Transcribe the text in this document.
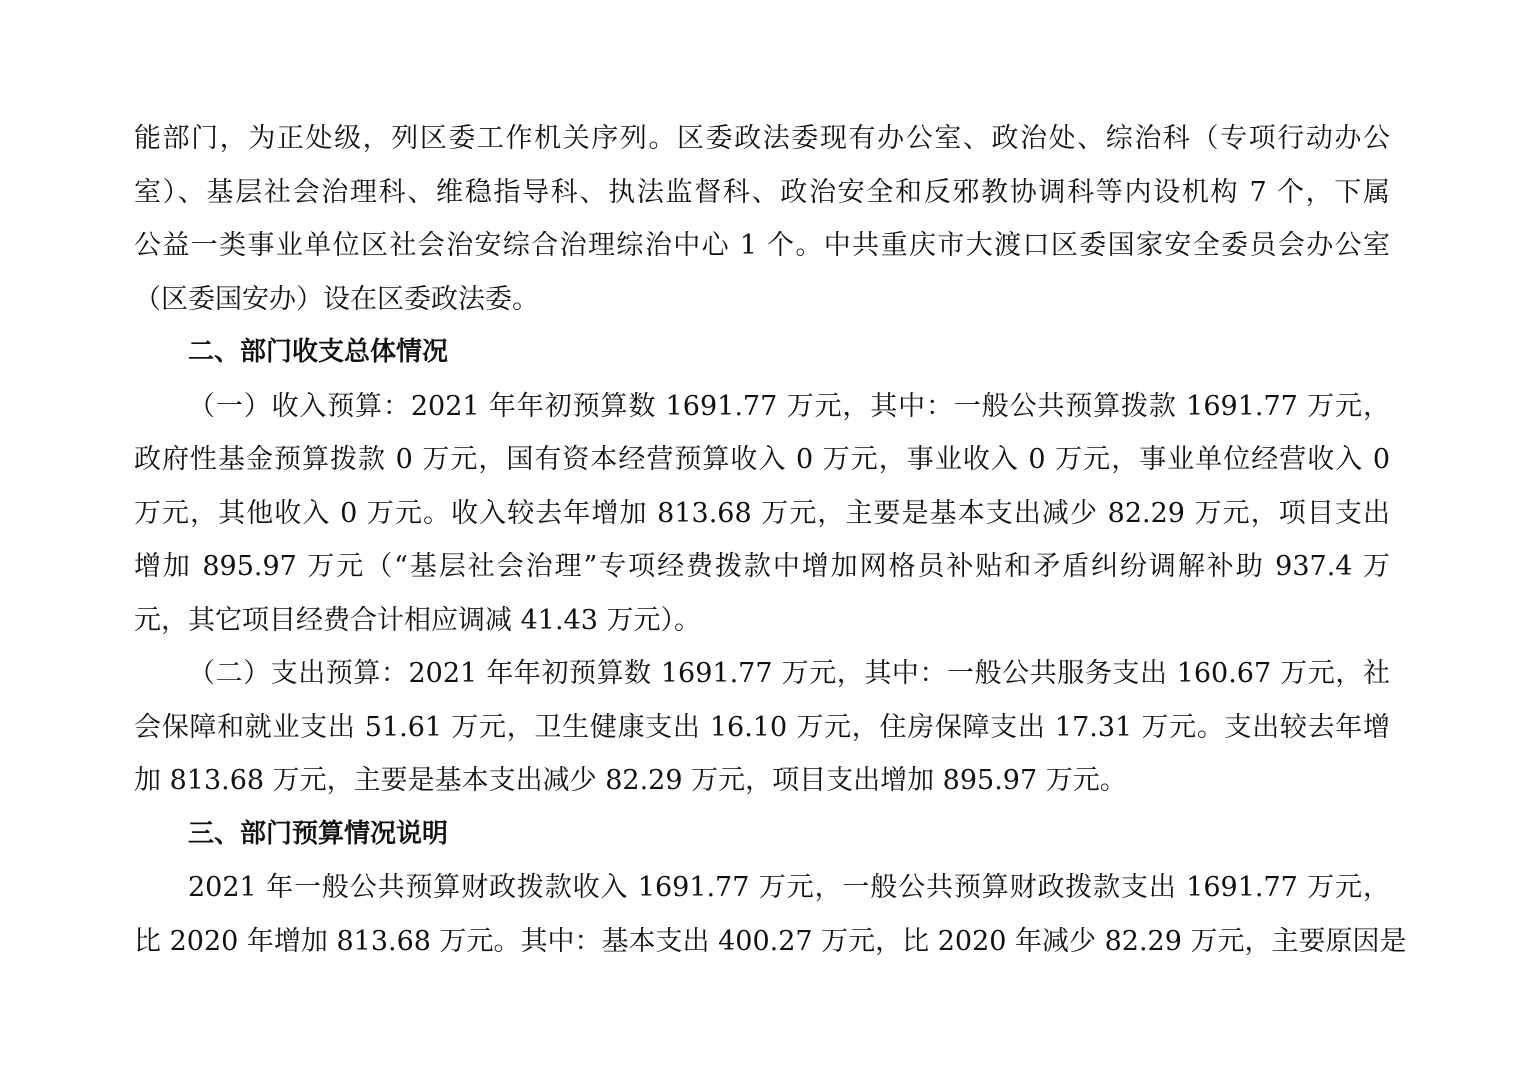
能部门，为正处级，列区委工作机关序列。区委政法委现有办公室、政治处、综治科（专项行动办公

室）、基层社会治理科、维稳指导科、执法监督科、政治安全和反邪教协调科等内设机构 7 个，下属

公益一类事业单位区社会治安综合治理综治中心 1 个。中共重庆市大渡口区委国家安全委员会办公室

（区委国安办）设在区委政法委。

二、部门收支总体情况

（一）收入预算：2021 年年初预算数 1691.77 万元，其中：一般公共预算拨款 1691.77 万元，

政府性基金预算拨款 0 万元，国有资本经营预算收入 0 万元，事业收入 0 万元，事业单位经营收入 0

万元，其他收入 0 万元。收入较去年增加 813.68 万元，主要是基本支出减少 82.29 万元，项目支出

增加 895.97 万元（“基层社会治理”专项经费拨款中增加网格员补贴和矛盾纠纷调解补助 937.4 万

元，其它项目经费合计相应调减 41.43 万元）。

（二）支出预算：2021 年年初预算数 1691.77 万元，其中：一般公共服务支出 160.67 万元，社

会保障和就业支出 51.61 万元，卫生健康支出 16.10 万元，住房保障支出 17.31 万元。支出较去年增

加 813.68 万元，主要是基本支出减少 82.29 万元，项目支出增加 895.97 万元。

三、部门预算情况说明

2021 年一般公共预算财政拨款收入 1691.77 万元，一般公共预算财政拨款支出 1691.77 万元，

比 2020 年增加 813.68 万元。其中：基本支出 400.27 万元，比 2020 年减少 82.29 万元，主要原因是
